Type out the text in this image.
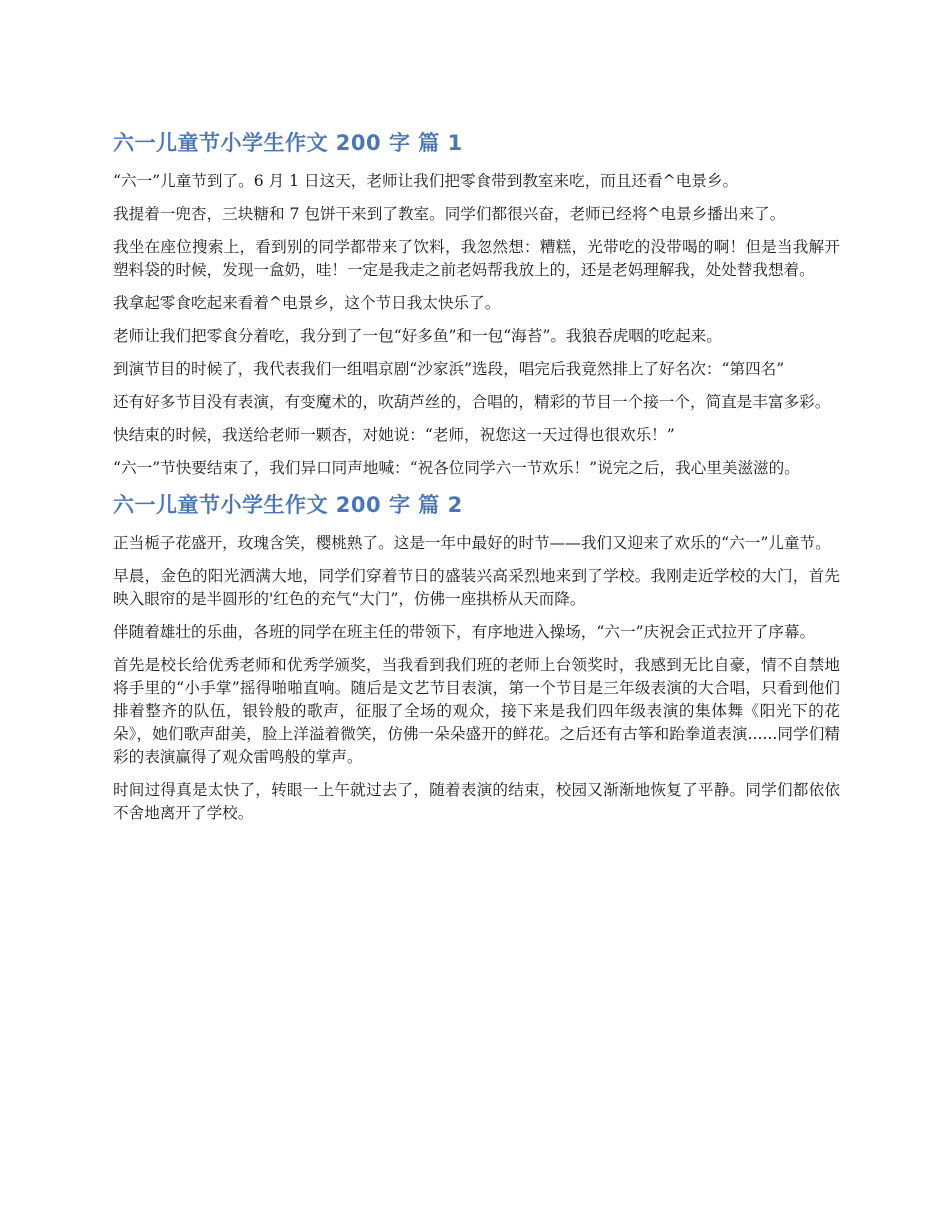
六一儿童节小学生作文 200 字 篇 1

“六一”儿童节到了。6 月 1 日这天，老师让我们把零食带到教室来吃，而且还看^电景乡。

我提着一兜杏，三块糖和 7 包饼干来到了教室。同学们都很兴奋，老师已经将^电景乡播出来了。

我坐在座位搜索上，看到别的同学都带来了饮料，我忽然想：糟糕，光带吃的没带喝的啊！但是当我解开塑料袋的时候，发现一盒奶，哇！一定是我走之前老妈帮我放上的，还是老妈理解我，处处替我想着。

我拿起零食吃起来看着^电景乡，这个节日我太快乐了。

老师让我们把零食分着吃，我分到了一包“好多鱼”和一包“海苔”。我狼吞虎咽的吃起来。

到演节目的时候了，我代表我们一组唱京剧“沙家浜”选段，唱完后我竟然排上了好名次：“第四名”

还有好多节目没有表演，有变魔术的，吹葫芦丝的，合唱的，精彩的节目一个接一个，简直是丰富多彩。

快结束的时候，我送给老师一颗杏，对她说：“老师，祝您这一天过得也很欢乐！”

“六一”节快要结束了，我们异口同声地喊：“祝各位同学六一节欢乐！”说完之后，我心里美滋滋的。

六一儿童节小学生作文 200 字 篇 2

正当栀子花盛开，玫瑰含笑，樱桃熟了。这是一年中最好的时节——我们又迎来了欢乐的“六一”儿童节。

早晨，金色的阳光洒满大地，同学们穿着节日的盛装兴高采烈地来到了学校。我刚走近学校的大门，首先映入眼帘的是半圆形的'红色的充气“大门”，仿佛一座拱桥从天而降。

伴随着雄壮的乐曲，各班的同学在班主任的带领下，有序地进入操场，“六一”庆祝会正式拉开了序幕。

首先是校长给优秀老师和优秀学颁奖，当我看到我们班的老师上台领奖时，我感到无比自豪，情不自禁地将手里的“小手掌”摇得啪啪直响。随后是文艺节目表演，第一个节目是三年级表演的大合唱，只看到他们排着整齐的队伍，银铃般的歌声，征服了全场的观众，接下来是我们四年级表演的集体舞《阳光下的花朵》，她们歌声甜美，脸上洋溢着微笑，仿佛一朵朵盛开的鲜花。之后还有古筝和跆拳道表演......同学们精彩的表演赢得了观众雷鸣般的掌声。

时间过得真是太快了，转眼一上午就过去了，随着表演的结束，校园又渐渐地恢复了平静。同学们都依依不舍地离开了学校。
